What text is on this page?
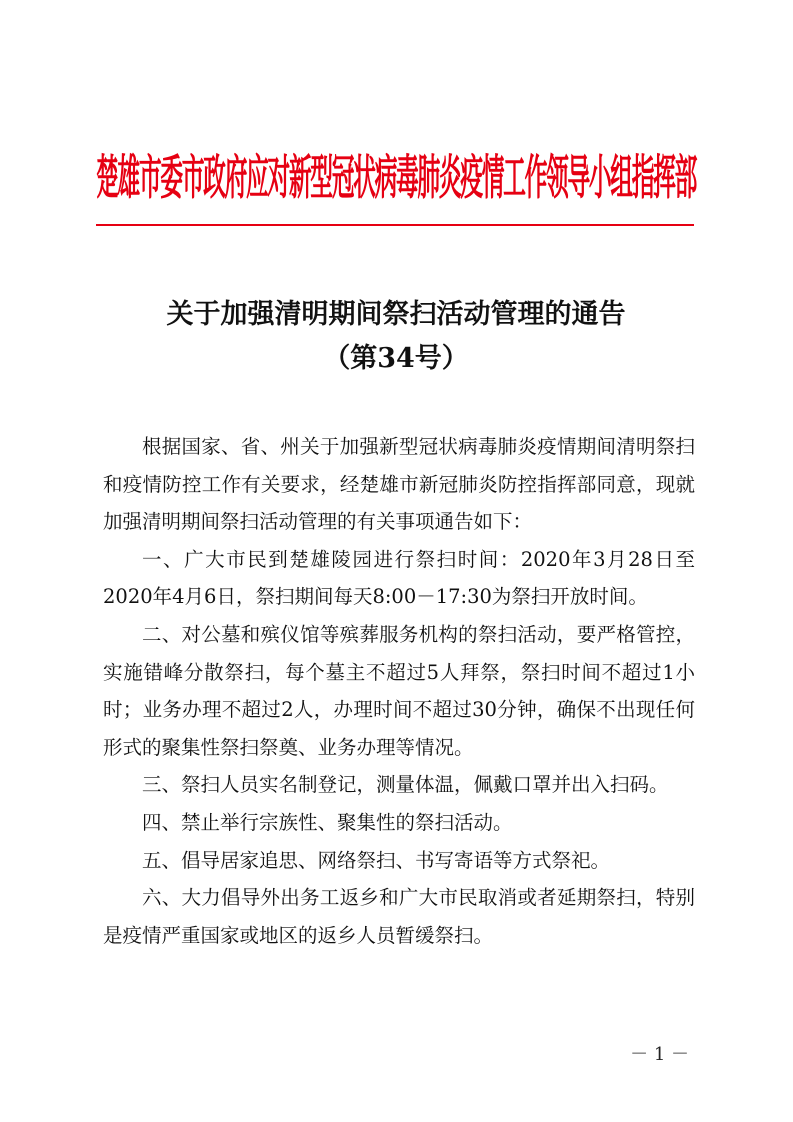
楚雄市委市政府应对新型冠状病毒肺炎疫情工作领导小组指挥部
关于加强清明期间祭扫活动管理的通告
（第34号）

根据国家、省、州关于加强新型冠状病毒肺炎疫情期间清明祭扫和疫情防控工作有关要求，经楚雄市新冠肺炎防控指挥部同意，现就加强清明期间祭扫活动管理的有关事项通告如下：

一、广大市民到楚雄陵园进行祭扫时间：2020年3月28日至2020年4月6日，祭扫期间每天8:00－17:30为祭扫开放时间。

二、对公墓和殡仪馆等殡葬服务机构的祭扫活动，要严格管控，实施错峰分散祭扫，每个墓主不超过5人拜祭，祭扫时间不超过1小时；业务办理不超过2人，办理时间不超过30分钟，确保不出现任何形式的聚集性祭扫祭奠、业务办理等情况。

三、祭扫人员实名制登记，测量体温，佩戴口罩并出入扫码。

四、禁止举行宗族性、聚集性的祭扫活动。

五、倡导居家追思、网络祭扫、书写寄语等方式祭祀。

六、大力倡导外出务工返乡和广大市民取消或者延期祭扫，特别是疫情严重国家或地区的返乡人员暂缓祭扫。

－ 1 －
